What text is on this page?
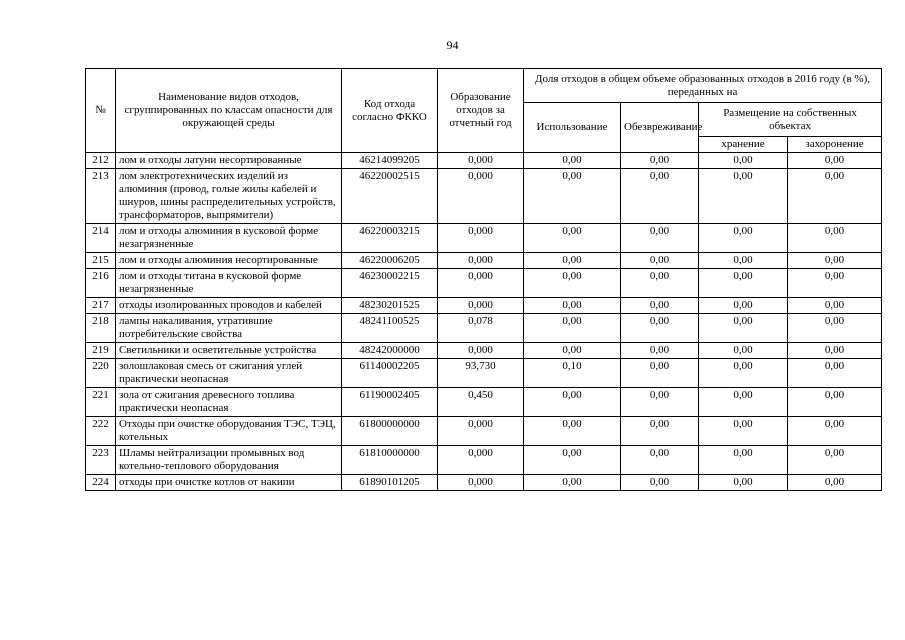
94
№	Наименование видов отходов, сгруппированных по классам опасности для окружающей среды	Код отхода согласно ФККО	Образование отходов за отчетный год	Доля отходов в общем объеме образованных отходов в 2016 году (в %), переданных на			
				Использование	Обезвреживание	Размещение на собственных объектах	
						хранение	захоронение
212	лом и отходы латуни несортированные	46214099205	0,000	0,00	0,00	0,00	0,00
213	лом электротехнических изделий из алюминия (провод, голые жилы кабелей и шнуров, шины распределительных устройств, трансформаторов, выпрямители)	46220002515	0,000	0,00	0,00	0,00	0,00
214	лом и отходы алюминия в кусковой форме незагрязненные	46220003215	0,000	0,00	0,00	0,00	0,00
215	лом и отходы алюминия несортированные	46220006205	0,000	0,00	0,00	0,00	0,00
216	лом и отходы титана в кусковой форме незагрязненные	46230002215	0,000	0,00	0,00	0,00	0,00
217	отходы изолированных проводов и кабелей	48230201525	0,000	0,00	0,00	0,00	0,00
218	лампы накаливания, утратившие потребительские свойства	48241100525	0,078	0,00	0,00	0,00	0,00
219	Светильники и осветительные устройства	48242000000	0,000	0,00	0,00	0,00	0,00
220	золошлаковая смесь от сжигания углей практически неопасная	61140002205	93,730	0,10	0,00	0,00	0,00
221	зола от сжигания древесного топлива практически неопасная	61190002405	0,450	0,00	0,00	0,00	0,00
222	Отходы при очистке оборудования ТЭС, ТЭЦ, котельных	61800000000	0,000	0,00	0,00	0,00	0,00
223	Шламы нейтрализации промывных вод котельно-теплового оборудования	61810000000	0,000	0,00	0,00	0,00	0,00
224	отходы при очистке котлов от накипи	61890101205	0,000	0,00	0,00	0,00	0,00
